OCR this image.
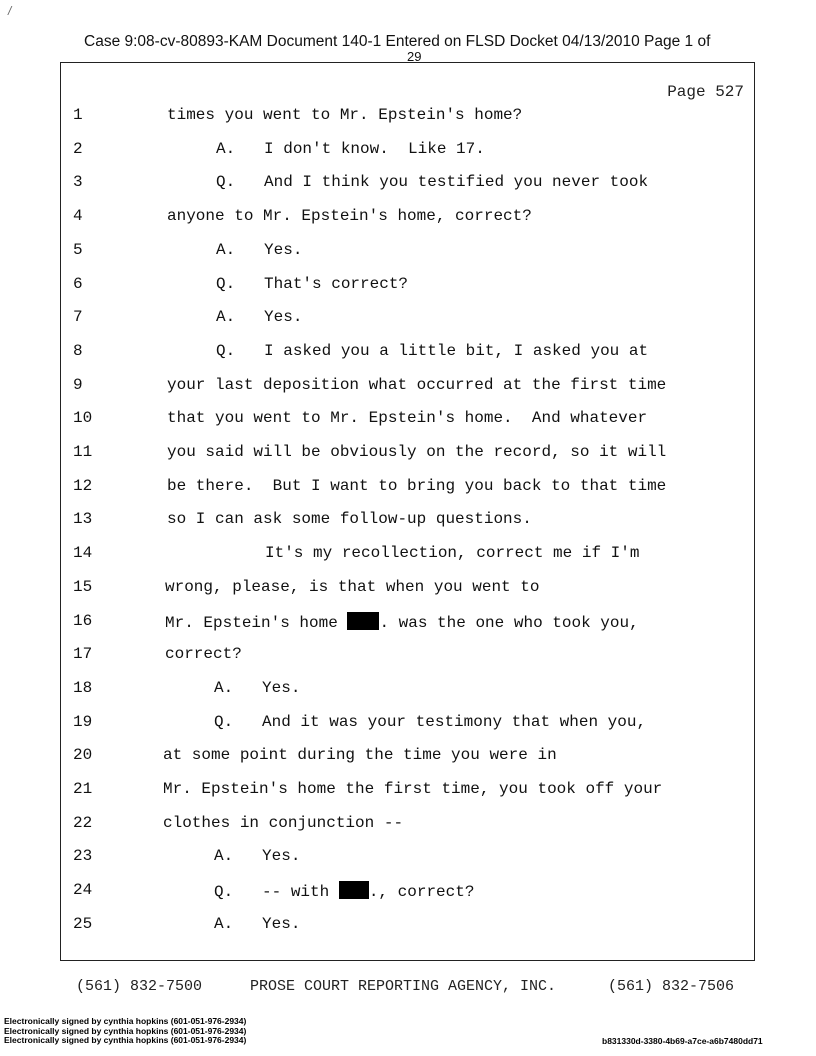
/
Case 9:08-cv-80893-KAM Document 140-1 Entered on FLSD Docket 04/13/2010 Page 1 of
29
Page 527
1	times you went to Mr. Epstein's home?
2	A.   I don't know.  Like 17.
3	Q.   And I think you testified you never took
4	anyone to Mr. Epstein's home, correct?
5	A.   Yes.
6	Q.   That's correct?
7	A.   Yes.
8	Q.   I asked you a little bit, I asked you at
9	your last deposition what occurred at the first time
10	that you went to Mr. Epstein's home.  And whatever
11	you said will be obviously on the record, so it will
12	be there.  But I want to bring you back to that time
13	so I can ask some follow-up questions.
14	It's my recollection, correct me if I'm
15	wrong, please, is that when you went to
16	Mr. Epstein's home . was the one who took you,
17	correct?
18	A.   Yes.
19	Q.   And it was your testimony that when you,
20	at some point during the time you were in
21	Mr. Epstein's home the first time, you took off your
22	clothes in conjunction --
23	A.   Yes.
24	Q.   -- with ., correct?
25	A.   Yes.
(561) 832-7500	PROSE COURT REPORTING AGENCY, INC.	(561) 832-7506
Electronically signed by cynthia hopkins (601-051-976-2934)
Electronically signed by cynthia hopkins (601-051-976-2934)
Electronically signed by cynthia hopkins (601-051-976-2934)	b831330d-3380-4b69-a7ce-a6b7480dd71
